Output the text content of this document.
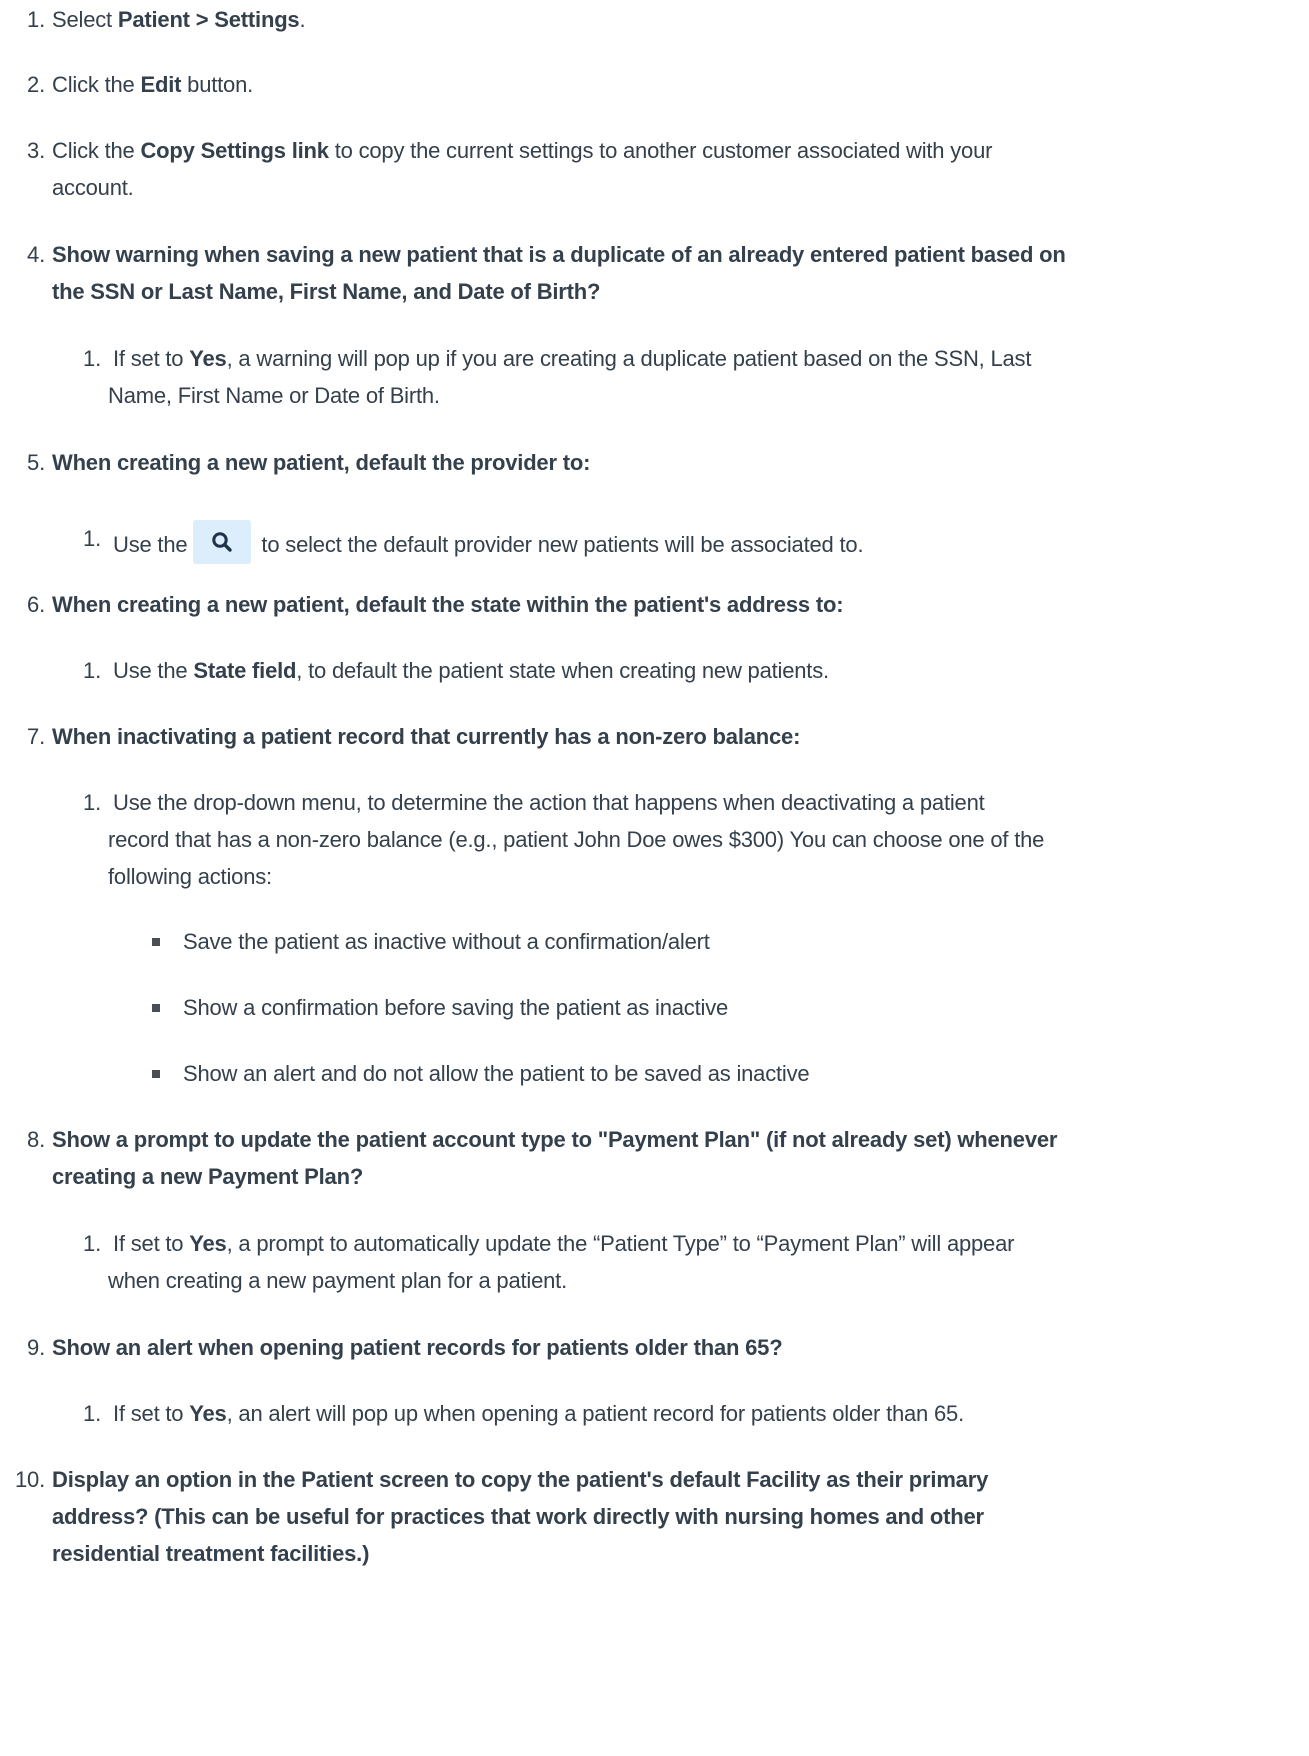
1. Select Patient > Settings.
2. Click the Edit button.
3. Click the Copy Settings link to copy the current settings to another customer associated with your
account.
4. Show warning when saving a new patient that is a duplicate of an already entered patient based on
the SSN or Last Name, First Name, and Date of Birth?
1. If set to Yes, a warning will pop up if you are creating a duplicate patient based on the SSN, Last
Name, First Name or Date of Birth.
5. When creating a new patient, default the provider to:
1. Use the	to select the default provider new patients will be associated to.
6. When creating a new patient, default the state within the patient's address to:
1. Use the State field, to default the patient state when creating new patients.
7. When inactivating a patient record that currently has a non-zero balance:
1. Use the drop-down menu, to determine the action that happens when deactivating a patient
record that has a non-zero balance (e.g., patient John Doe owes $300) You can choose one of the
following actions:
Save the patient as inactive without a confirmation/alert
Show a confirmation before saving the patient as inactive
Show an alert and do not allow the patient to be saved as inactive
8. Show a prompt to update the patient account type to "Payment Plan" (if not already set) whenever
creating a new Payment Plan?
1. If set to Yes, a prompt to automatically update the “Patient Type” to “Payment Plan” will appear
when creating a new payment plan for a patient.
9. Show an alert when opening patient records for patients older than 65?
1. If set to Yes, an alert will pop up when opening a patient record for patients older than 65.
10. Display an option in the Patient screen to copy the patient's default Facility as their primary
address? (This can be useful for practices that work directly with nursing homes and other
residential treatment facilities.)
